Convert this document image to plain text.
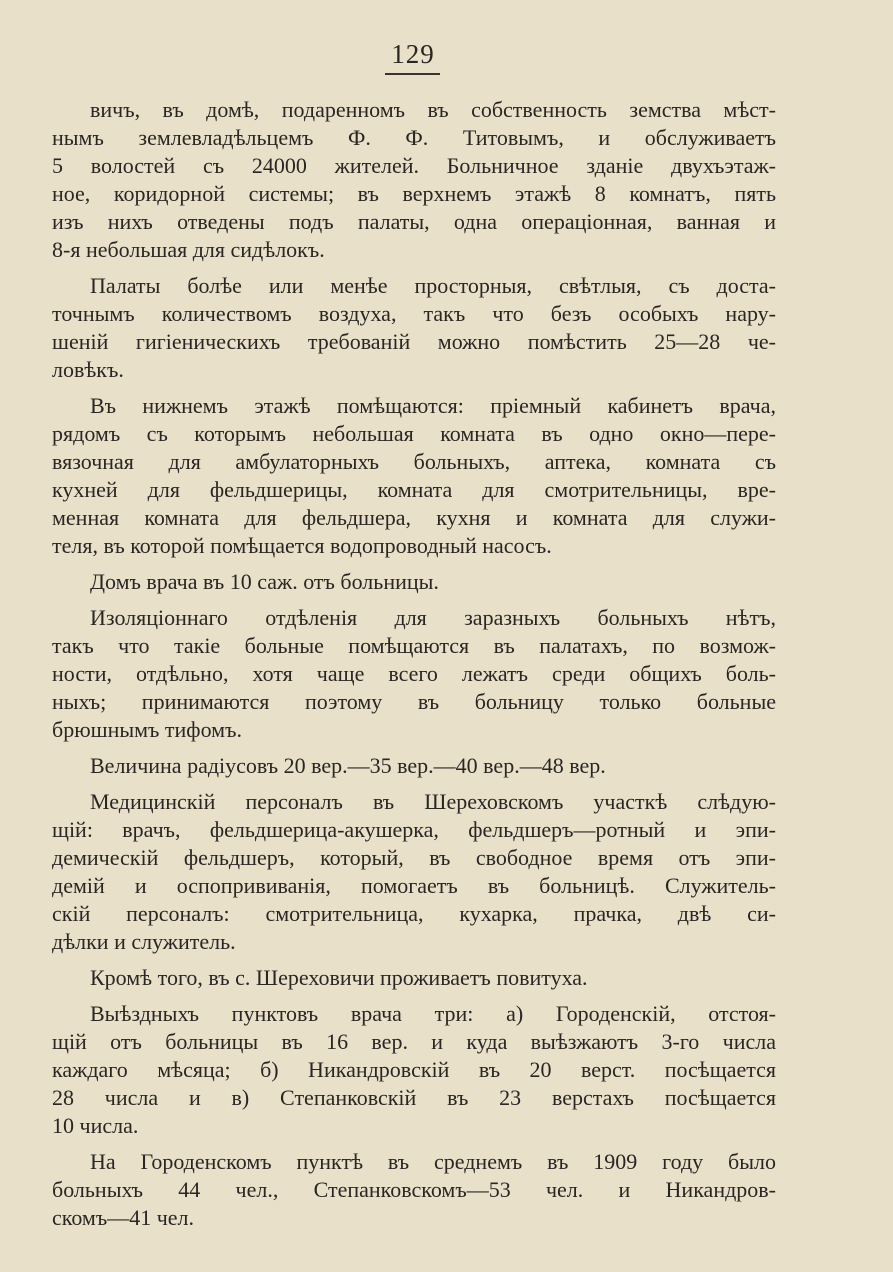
129
вичъ, въ домѣ, подаренномъ въ собственность земства мѣст-
нымъ землевладѣльцемъ Ф. Ф. Титовымъ, и обслуживаетъ
5 волостей съ 24000 жителей. Больничное зданіе двухъэтаж-
ное, коридорной системы; въ верхнемъ этажѣ 8 комнатъ, пять
изъ нихъ отведены подъ палаты, одна операціонная, ванная и
8-я небольшая для сидѣлокъ.
Палаты болѣе или менѣе просторныя, свѣтлыя, съ доста-
точнымъ количествомъ воздуха, такъ что безъ особыхъ нару-
шеній гигіеническихъ требованій можно помѣстить 25—28 че-
ловѣкъ.
Въ нижнемъ этажѣ помѣщаются: пріемный кабинетъ врача,
рядомъ съ которымъ небольшая комната въ одно окно—пере-
вязочная для амбулаторныхъ больныхъ, аптека, комната съ
кухней для фельдшерицы, комната для смотрительницы, вре-
менная комната для фельдшера, кухня и комната для служи-
теля, въ которой помѣщается водопроводный насосъ.
Домъ врача въ 10 саж. отъ больницы.
Изоляціоннаго отдѣленія для заразныхъ больныхъ нѣтъ,
такъ что такіе больные помѣщаются въ палатахъ, по возмож-
ности, отдѣльно, хотя чаще всего лежатъ среди общихъ боль-
ныхъ; принимаются поэтому въ больницу только больные
брюшнымъ тифомъ.
Величина радіусовъ 20 вер.—35 вер.—40 вер.—48 вер.
Медицинскій персоналъ въ Шереховскомъ участкѣ слѣдую-
щій: врачъ, фельдшерица-акушерка, фельдшеръ—ротный и эпи-
демическій фельдшеръ, который, въ свободное время отъ эпи-
демій и оспопрививанія, помогаетъ въ больницѣ. Служитель-
скій персоналъ: смотрительница, кухарка, прачка, двѣ си-
дѣлки и служитель.
Кромѣ того, въ с. Шереховичи проживаетъ повитуха.
Выѣздныхъ пунктовъ врача три: а) Городенскій, отстоя-
щій отъ больницы въ 16 вер. и куда выѣзжаютъ 3-го числа
каждаго мѣсяца; б) Никандровскій въ 20 верст. посѣщается
28 числа и в) Степанковскій въ 23 верстахъ посѣщается
10 числа.
На Городенскомъ пунктѣ въ среднемъ въ 1909 году было
больныхъ 44 чел., Степанковскомъ—53 чел. и Никандров-
скомъ—41 чел.
